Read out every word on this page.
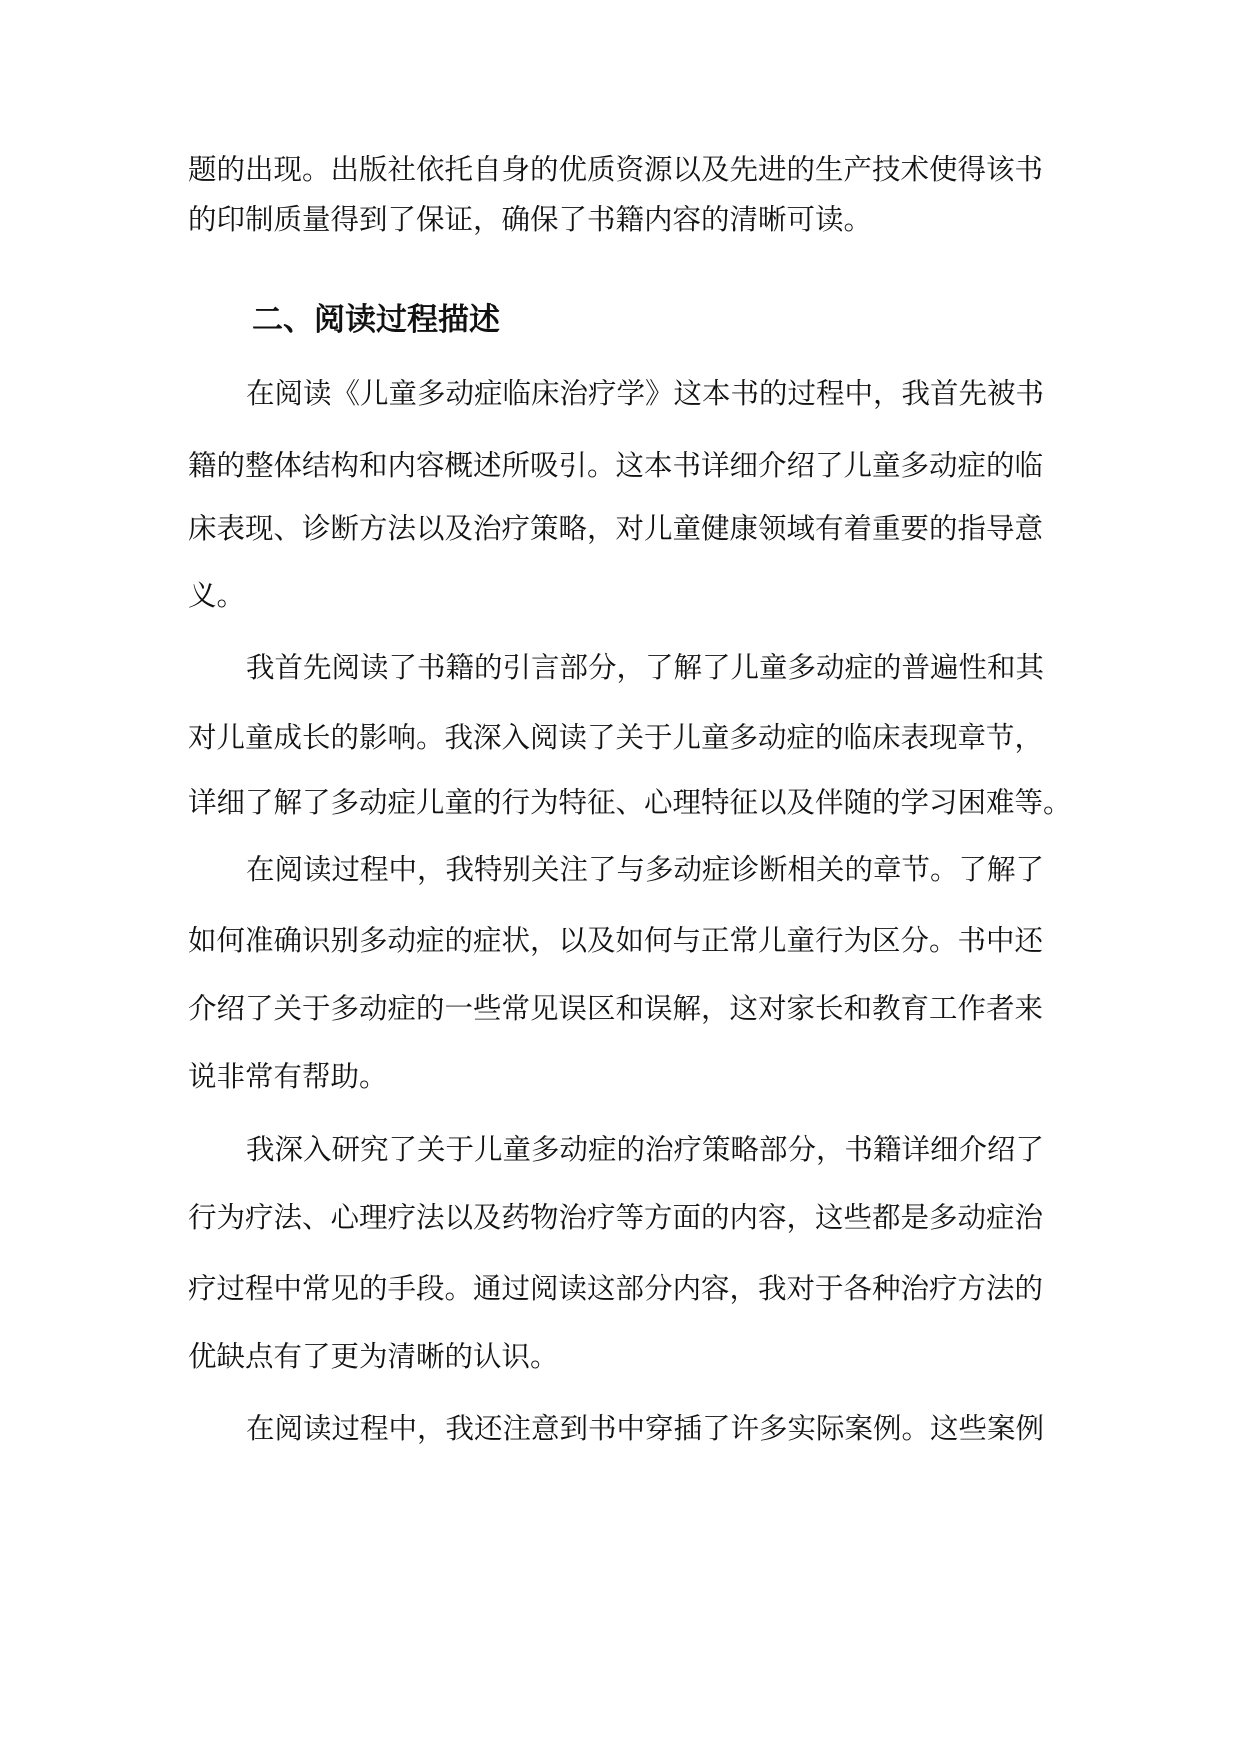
题的出现。出版社依托自身的优质资源以及先进的生产技术使得该书
的印制质量得到了保证，确保了书籍内容的清晰可读。
二、阅读过程描述
在阅读《儿童多动症临床治疗学》这本书的过程中，我首先被书
籍的整体结构和内容概述所吸引。这本书详细介绍了儿童多动症的临
床表现、诊断方法以及治疗策略，对儿童健康领域有着重要的指导意
义。
我首先阅读了书籍的引言部分，了解了儿童多动症的普遍性和其
对儿童成长的影响。我深入阅读了关于儿童多动症的临床表现章节，
详细了解了多动症儿童的行为特征、心理特征以及伴随的学习困难等。
在阅读过程中，我特别关注了与多动症诊断相关的章节。了解了
如何准确识别多动症的症状，以及如何与正常儿童行为区分。书中还
介绍了关于多动症的一些常见误区和误解，这对家长和教育工作者来
说非常有帮助。
我深入研究了关于儿童多动症的治疗策略部分，书籍详细介绍了
行为疗法、心理疗法以及药物治疗等方面的内容，这些都是多动症治
疗过程中常见的手段。通过阅读这部分内容，我对于各种治疗方法的
优缺点有了更为清晰的认识。
在阅读过程中，我还注意到书中穿插了许多实际案例。这些案例
